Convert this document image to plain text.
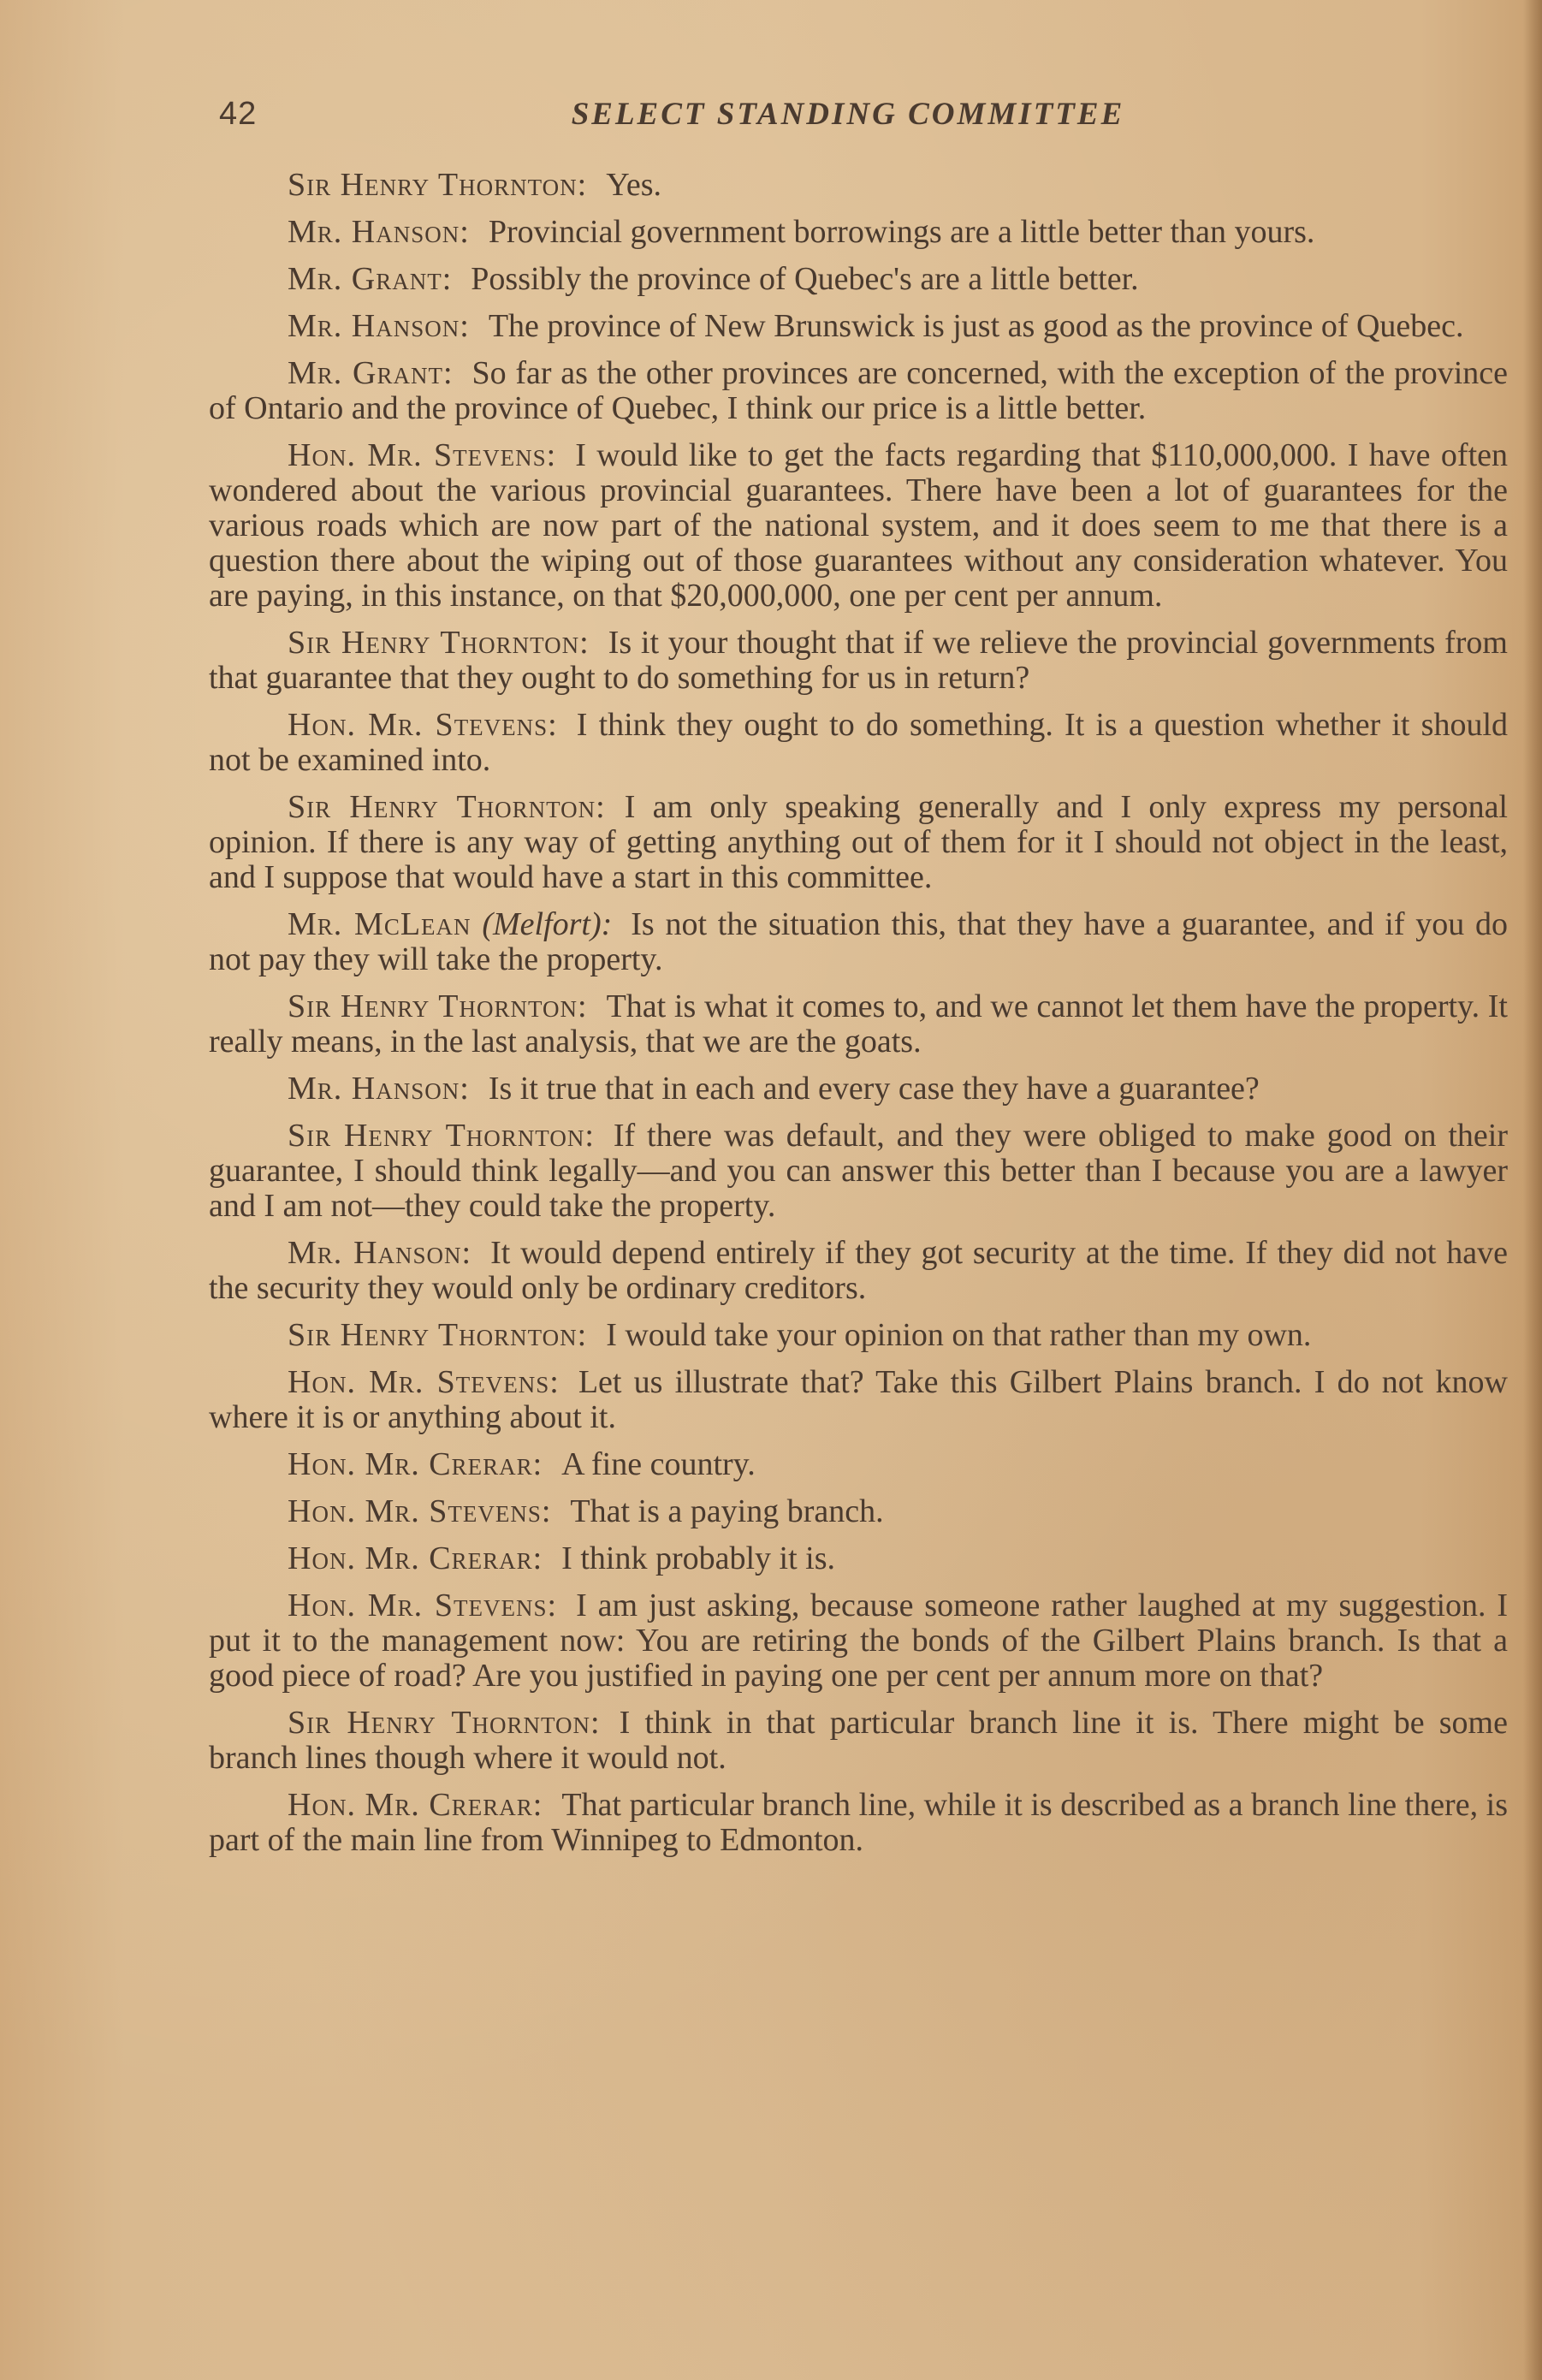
42	SELECT STANDING COMMITTEE

Sir Henry Thornton: Yes.

Mr. Hanson: Provincial government borrowings are a little better than yours.

Mr. Grant: Possibly the province of Quebec's are a little better.

Mr. Hanson: The province of New Brunswick is just as good as the province of Quebec.

Mr. Grant: So far as the other provinces are concerned, with the exception of the province of Ontario and the province of Quebec, I think our price is a little better.

Hon. Mr. Stevens: I would like to get the facts regarding that $110,000,000. I have often wondered about the various provincial guarantees. There have been a lot of guarantees for the various roads which are now part of the national system, and it does seem to me that there is a question there about the wiping out of those guarantees without any consideration whatever. You are paying, in this instance, on that $20,000,000, one per cent per annum.

Sir Henry Thornton: Is it your thought that if we relieve the provincial governments from that guarantee that they ought to do something for us in return?

Hon. Mr. Stevens: I think they ought to do something. It is a question whether it should not be examined into.

Sir Henry Thornton: I am only speaking generally and I only express my personal opinion. If there is any way of getting anything out of them for it I should not object in the least, and I suppose that would have a start in this committee.

Mr. McLean (Melfort): Is not the situation this, that they have a guarantee, and if you do not pay they will take the property.

Sir Henry Thornton: That is what it comes to, and we cannot let them have the property. It really means, in the last analysis, that we are the goats.

Mr. Hanson: Is it true that in each and every case they have a guarantee?

Sir Henry Thornton: If there was default, and they were obliged to make good on their guarantee, I should think legally—and you can answer this better than I because you are a lawyer and I am not—they could take the property.

Mr. Hanson: It would depend entirely if they got security at the time. If they did not have the security they would only be ordinary creditors.

Sir Henry Thornton: I would take your opinion on that rather than my own.

Hon. Mr. Stevens: Let us illustrate that? Take this Gilbert Plains branch. I do not know where it is or anything about it.

Hon. Mr. Crerar: A fine country.

Hon. Mr. Stevens: That is a paying branch.

Hon. Mr. Crerar: I think probably it is.

Hon. Mr. Stevens: I am just asking, because someone rather laughed at my suggestion. I put it to the management now: You are retiring the bonds of the Gilbert Plains branch. Is that a good piece of road? Are you justified in paying one per cent per annum more on that?

Sir Henry Thornton: I think in that particular branch line it is. There might be some branch lines though where it would not.

Hon. Mr. Crerar: That particular branch line, while it is described as a branch line there, is part of the main line from Winnipeg to Edmonton.
